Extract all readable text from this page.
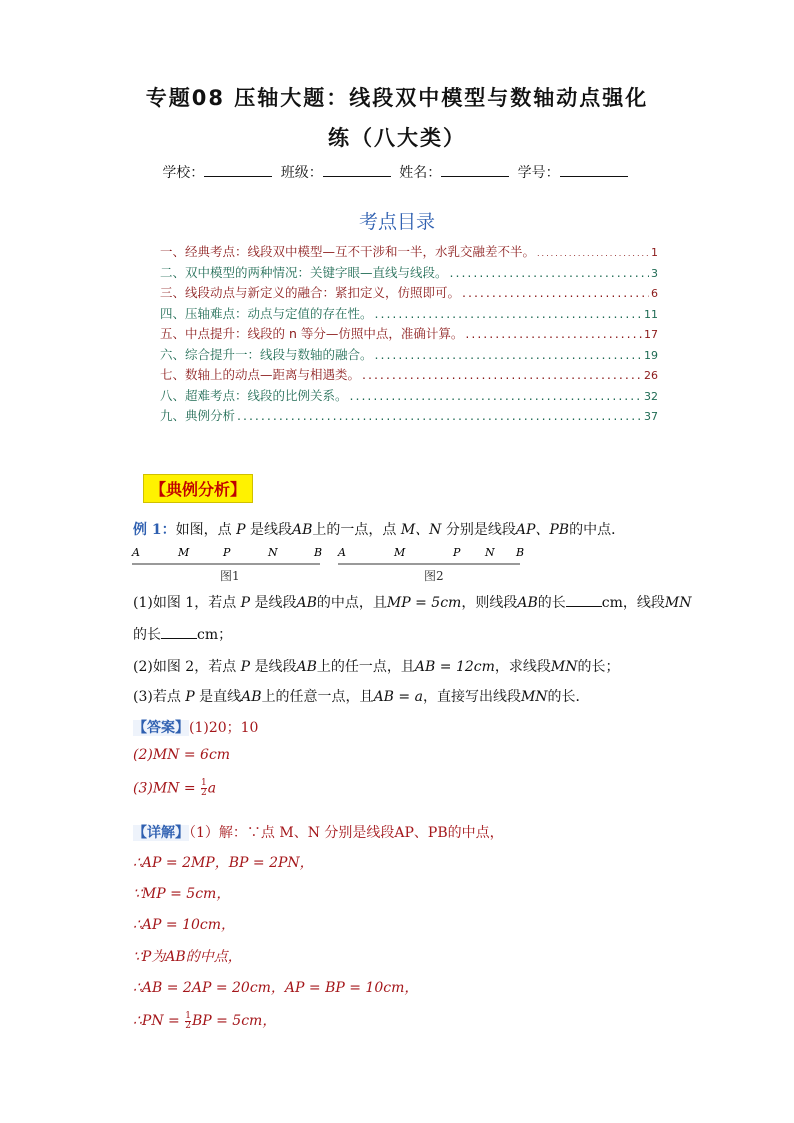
专题08 压轴大题：线段双中模型与数轴动点强化
练（八大类）
学校：	班级：	姓名：	学号：
考点目录
一、经典考点：线段双中模型—互不干涉和一半，水乳交融差不半。 .....	1
二、双中模型的两种情况：关键字眼—直线与线段。 .....	3
三、线段动点与新定义的融合：紧扣定义，仿照即可。 .....	6
四、压轴难点：动点与定值的存在性。 .....	11
五、中点提升：线段的 n 等分—仿照中点，准确计算。 .....	17
六、综合提升一：线段与数轴的融合。 .....	19
七、数轴上的动点—距离与相遇类。 .....	26
八、超难考点：线段的比例关系。 .....	32
九、典例分析 .....	37
【典例分析】
例 1：如图，点 P 是线段AB上的一点，点 M、N 分别是线段AP、PB的中点．
A	M	P	N	B A	M	P N B
图1	图2
(1)如图 1，若点 P 是线段AB的中点，且MP = 5cm，则线段AB的长	cm，线段MN
的长	cm；
(2)如图 2，若点 P 是线段AB上的任一点，且AB = 12cm，求线段MN的长；
(3)若点 P 是直线AB上的任意一点，且AB = a，直接写出线段MN的长．
【答案】(1)20；10
(2)MN = 6cm
$(3)MN = \frac{1}{2}$ a
【详解】（1）解：∵点 M、N 分别是线段AP、PB的中点，
∴AP = 2MP，BP = 2PN，
∵MP = 5cm，
∴AP = 10cm，
∵P为AB的中点，
∴AB = 2AP = 20cm，AP = BP = 10cm，
∴PN = $\frac{1}{2}$ BP = 5cm，
